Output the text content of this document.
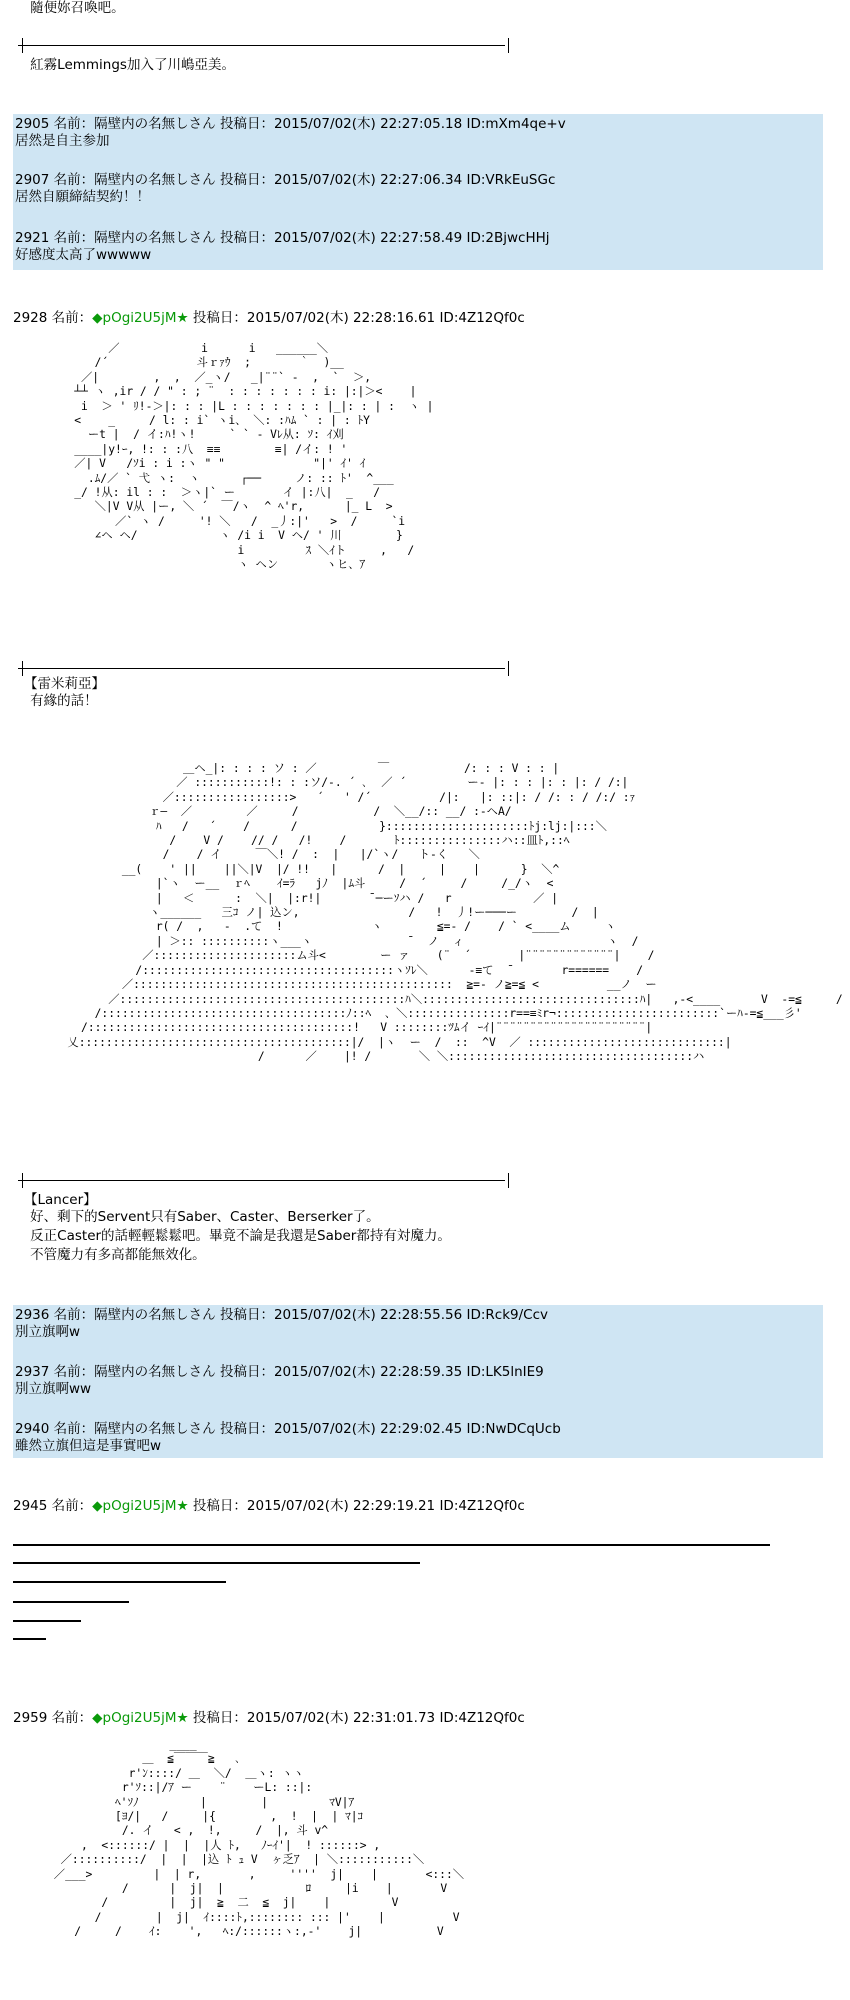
隨便妳召喚吧。
紅霧Lemmings加入了川嶋亞美。
2905 名前：隔壁内の名無しさん 投稿日：2015/07/02(木) 22:27:05.18 ID:mXm4qe+v
居然是自主参加
2907 名前：隔壁内の名無しさん 投稿日：2015/07/02(木) 22:27:06.34 ID:VRkEuSGc
居然自願締結契約！！
2921 名前：隔壁内の名無しさん 投稿日：2015/07/02(木) 22:27:58.49 ID:2BjwcHHj
好感度太高了wwwww
2928 名前：◆pOgi2U5jM★ 投稿日：2015/07/02(木) 22:28:16.61 ID:4Z12Qf0c
／            i      i   ______＼
/´             斗ｒｧｳ  ;       ｀  )__
／|        ,  ,  ／_ヽ/   _|¨¨` -  ,  `  ＞,
┴┴ ヽ ,ir / / " : ; ¨  : : : : : : : i: |:|＞<    |
i  ＞ ' ﾘ!-＞|: : : |L : : : : : : : |_|: : | :  ヽ |
<    _     / l: : i` ヽi、 ＼: :ﾊﾑ ` : | : ﾄY
ーt |  / イ:ﾊ!ヽ!     ` ` - Vﾚ从: ｿ: ｲ刈
____|y!ｰ, !: : :八  ≡≡        ≡| /イ: ! '
／| V   /ｿi : i :ヽ " "             "|' ｲ' ｲ
.ﾑ/／ ` 弋 ヽ:  ヽ      ┌──     ノ: :: ﾄ'  ^___
_/ !从: il : :  ＞ヽ|` ー       イ |:八|  _   /
＼|V V从 |ー, ＼ ´  ￣/ヽ  ^ ﾍ'r,      |_ L  >
／` ヽ /     '! ＼   /  _丿:|'   >  /     `i
∠ヘ ヘ/            ヽ /i i  V ヘ/ ' 川        }
i         ｽ ＼ｲト     ,   /
ヽ ヘン       ヽヒ、ｱ
【雷米莉亞】
有緣的話！
＿ヘ_|: : : : ソ : ／         ￣           /: : : V : : |
／ :::::::::::!: : :ソ/‐. ´ ､  ／ ´         ー- |: : : |: : |: / /:|
／:::::::::::::::::>   ´   ' /´          /|:   |: ::|: / /: : / /:/ :ｧ
ｒ―  ／        ／     /           /  ＼__/:: __/ :-ヘA/
ﾊ   /   ´    /      /            }:::::::::::::::::::::ﾄj:lj:|:::＼
/    V /    // /   /!    /       ﾄ:::::::::::::::ハ::皿ﾄ,::ﾍ
/    / イ     ￣＼! /  :  |   |/`ヽ/   ト-く   ＼
__(    ' ||    ||＼|V  |/ !!   |      /  |     |    |      }  ＼^
|`ヽ  ー__  ｒﾍ    ｲ=ﾗ   jﾉ  |ﾑ斗     /  ´     /     /_/ヽ  <
|   ＜      :  ＼|  |:r!|       ̄ ─ーｿハ /   r            ／ |
ヽ______   三ｺ ノ| 込ン,                /   !  丿!ー───ー        /  |
r( /  ,   -  .て  !             ヽ        ≦=- /    / ` <____ム     ヽ
| ＞:: ::::::::::ヽ___ヽ              ̄   ノ  ィ                     ヽ  /
／:::::::::::::::::::::ム斗<        ー ァ    (¨  ´       |¨¨¨¨¨¨¨¨¨¨¨¨¨|    /
/:::::::::::::::::::::::::::::::::::::ヽｿﾚ＼      -≡て  ̄        r======    /
／:::::::::::::::::::::::::::::::::::::::::::::::  ≧=- ノ≧=≦ <          __ノ  ー
／::::::::::::::::::::::::::::::::::::::::::ﾊ＼::::::::::::::::::::::::::::::::ﾊ|   ,-<____      V  -=≦     /
/::::::::::::::::::::::::::::::::::::ﾉ::ﾍ  、＼:::::::::::::::r==≡ﾐr¬::::::::::::::::::::::::`ーﾊ-=≦___彡'
/:::::::::::::::::::::::::::::::::::::::!   V ::::::::ﾂﾑイ ｰｲ|¨¨¨¨¨¨¨¨¨¨¨¨¨¨¨¨¨¨¨¨¨¨|
乂::::::::::::::::::::::::::::::::::::::::|/  |ヽ  ー  /  ::  ^V  ／ :::::::::::::::::::::::::::::|
/      ／    |! /       ＼ ＼::::::::::::::::::::::::::::::::::::ハ
【Lancer】
好、剩下的Servent只有Saber、Caster、Berserker了。
反正Caster的話輕輕鬆鬆吧。畢竟不論是我還是Saber都持有対魔力。
不管魔力有多高都能無效化。
2936 名前：隔壁内の名無しさん 投稿日：2015/07/02(木) 22:28:55.56 ID:Rck9/Ccv
別立旗啊w
2937 名前：隔壁内の名無しさん 投稿日：2015/07/02(木) 22:28:59.35 ID:LK5lnIE9
別立旗啊ww
2940 名前：隔壁内の名無しさん 投稿日：2015/07/02(木) 22:29:02.45 ID:NwDCqUcb
雖然立旗但這是事實吧w
2945 名前：◆pOgi2U5jM★ 投稿日：2015/07/02(木) 22:29:19.21 ID:4Z12Qf0c
2959 名前：◆pOgi2U5jM★ 投稿日：2015/07/02(木) 22:31:01.73 ID:4Z12Qf0c
____
＿  ≦￣￣￣≧   ､
r'ﾝ::::/ ＿  ＼/  ＿ヽ: ヽヽ
r'ｿ::|/ｱ ー    ¨    ーL: ::|:
ﾍ'ｿﾉ         |        |         ﾏV|ｱ
[ﾖ/|   /     |{        ,  !  |  | ﾏ|ｺ
/. イ   < ,  !,     /  |, 斗 v^
,  <::::::/ |  |  |人 ﾄ,   ﾉｰｲ'|  ! ::::::> ,
／::::::::::/  |  |  |込 ﾄ ｭ V  ヶ乏ｱ  | ＼:::::::::::＼
／___>         |  | r,       ,     ''''  j|    |       <:::＼
/      |  j|  |            ﾛ     |i    |       V
/         |  j|  ≧  二  ≦  j|    |         V
/        |  j|  ｲ::::ﾄ,:::::::: ::: |'    |          V
/     /    ｲ:    ',   ﾍ:/::::::ヽ:,-'    j|           V
